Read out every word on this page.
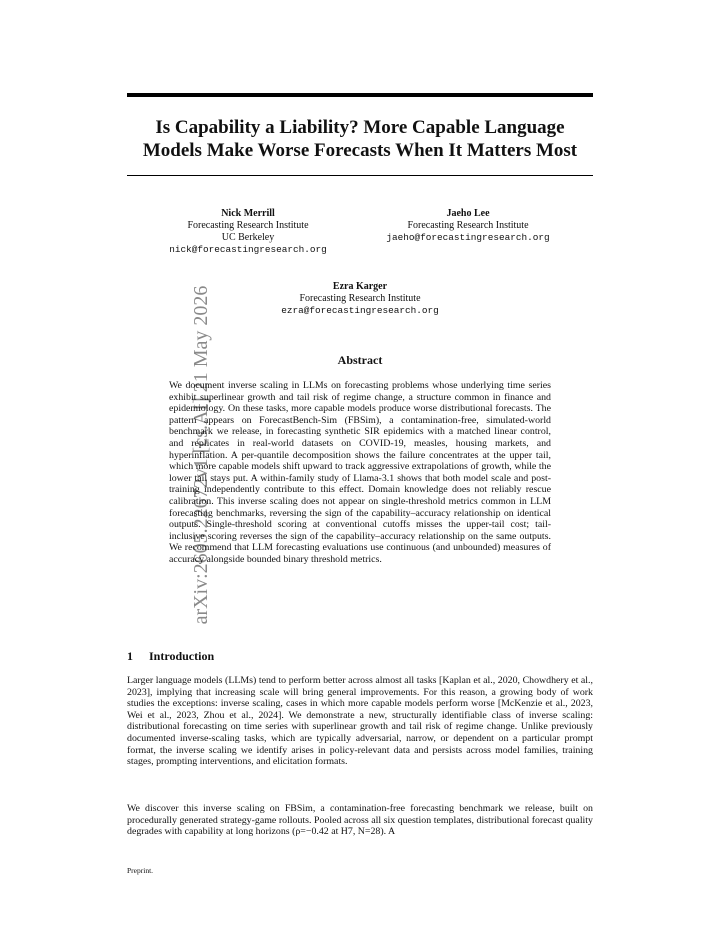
arXiv:2605.22672v1 [cs.AI] 21 May 2026
Is Capability a Liability? More Capable Language Models Make Worse Forecasts When It Matters Most
Nick Merrill
Forecasting Research Institute
UC Berkeley
nick@forecastingresearch.org
Jaeho Lee
Forecasting Research Institute
jaeho@forecastingresearch.org
Ezra Karger
Forecasting Research Institute
ezra@forecastingresearch.org
Abstract
We document inverse scaling in LLMs on forecasting problems whose underlying time series exhibit superlinear growth and tail risk of regime change, a structure common in finance and epidemiology. On these tasks, more capable models produce worse distributional forecasts. The pattern appears on ForecastBench-Sim (FBSim), a contamination-free, simulated-world benchmark we release, in forecasting synthetic SIR epidemics with a matched linear control, and replicates in real-world datasets on COVID-19, measles, housing markets, and hyperinflation. A per-quantile decomposition shows the failure concentrates at the upper tail, which more capable models shift upward to track aggressive extrapolations of growth, while the lower tail stays put. A within-family study of Llama-3.1 shows that both model scale and post-training independently contribute to this effect. Domain knowledge does not reliably rescue calibration. This inverse scaling does not appear on single-threshold metrics common in LLM forecasting benchmarks, reversing the sign of the capability–accuracy relationship on identical outputs. Single-threshold scoring at conventional cutoffs misses the upper-tail cost; tail-inclusive scoring reverses the sign of the capability–accuracy relationship on the same outputs. We recommend that LLM forecasting evaluations use continuous (and unbounded) measures of accuracy alongside bounded binary threshold metrics.
1 Introduction
Larger language models (LLMs) tend to perform better across almost all tasks [Kaplan et al., 2020, Chowdhery et al., 2023], implying that increasing scale will bring general improvements. For this reason, a growing body of work studies the exceptions: inverse scaling, cases in which more capable models perform worse [McKenzie et al., 2023, Wei et al., 2023, Zhou et al., 2024]. We demonstrate a new, structurally identifiable class of inverse scaling: distributional forecasting on time series with superlinear growth and tail risk of regime change. Unlike previously documented inverse-scaling tasks, which are typically adversarial, narrow, or dependent on a particular prompt format, the inverse scaling we identify arises in policy-relevant data and persists across model families, training stages, prompting interventions, and elicitation formats.
We discover this inverse scaling on FBSim, a contamination-free forecasting benchmark we release, built on procedurally generated strategy-game rollouts. Pooled across all six question templates, distributional forecast quality degrades with capability at long horizons (ρ=−0.42 at H7, N=28). A
Preprint.
